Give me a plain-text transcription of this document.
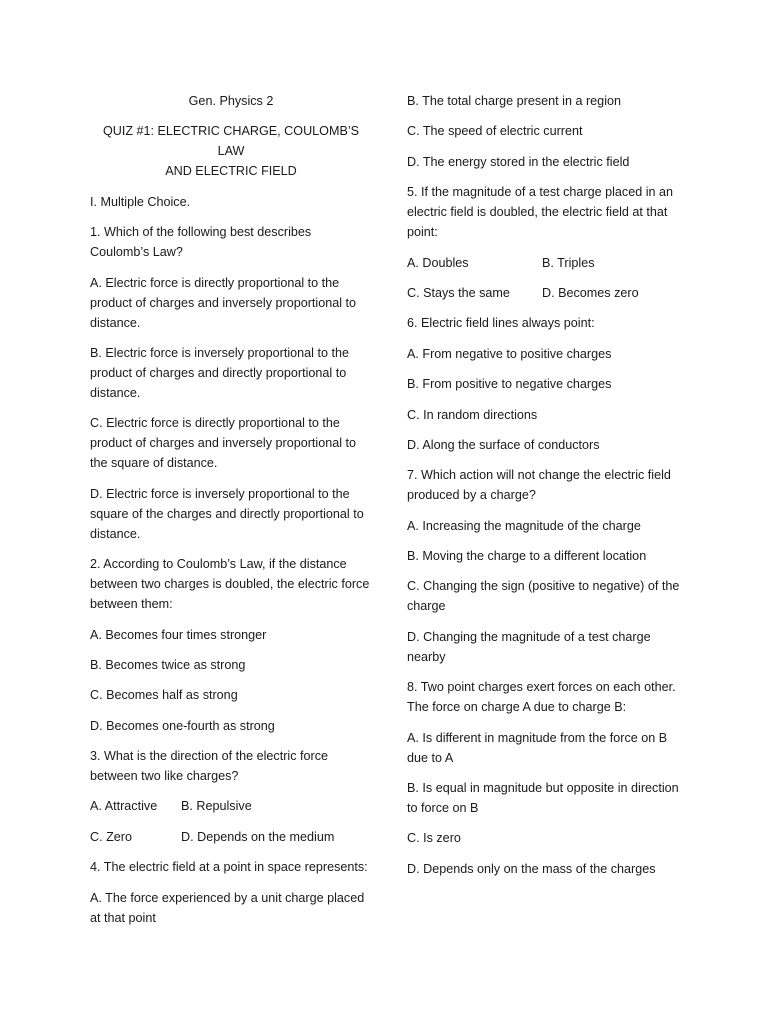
Gen. Physics 2

QUIZ #1: ELECTRIC CHARGE, COULOMB’S LAW
AND ELECTRIC FIELD

I. Multiple Choice.

1. Which of the following best describes Coulomb’s Law?

A. Electric force is directly proportional to the product of charges and inversely proportional to distance.

B. Electric force is inversely proportional to the product of charges and directly proportional to distance.

C. Electric force is directly proportional to the product of charges and inversely proportional to the square of distance.

D. Electric force is inversely proportional to the square of the charges and directly proportional to distance.

2. According to Coulomb’s Law, if the distance between two charges is doubled, the electric force between them:

A. Becomes four times stronger

B. Becomes twice as strong

C. Becomes half as strong

D. Becomes one-fourth as strong

3. What is the direction of the electric force between two like charges?

A. Attractive	B. Repulsive
C. Zero	D. Depends on the medium

4. The electric field at a point in space represents:

A. The force experienced by a unit charge placed at that point

B. The total charge present in a region

C. The speed of electric current

D. The energy stored in the electric field

5. If the magnitude of a test charge placed in an electric field is doubled, the electric field at that point:

A. Doubles	B. Triples
C. Stays the same	D. Becomes zero

6. Electric field lines always point:

A. From negative to positive charges

B. From positive to negative charges

C. In random directions

D. Along the surface of conductors

7. Which action will not change the electric field produced by a charge?

A. Increasing the magnitude of the charge

B. Moving the charge to a different location

C. Changing the sign (positive to negative) of the charge

D. Changing the magnitude of a test charge nearby

8. Two point charges exert forces on each other. The force on charge A due to charge B:

A. Is different in magnitude from the force on B due to A

B. Is equal in magnitude but opposite in direction to force on B

C. Is zero

D. Depends only on the mass of the charges
